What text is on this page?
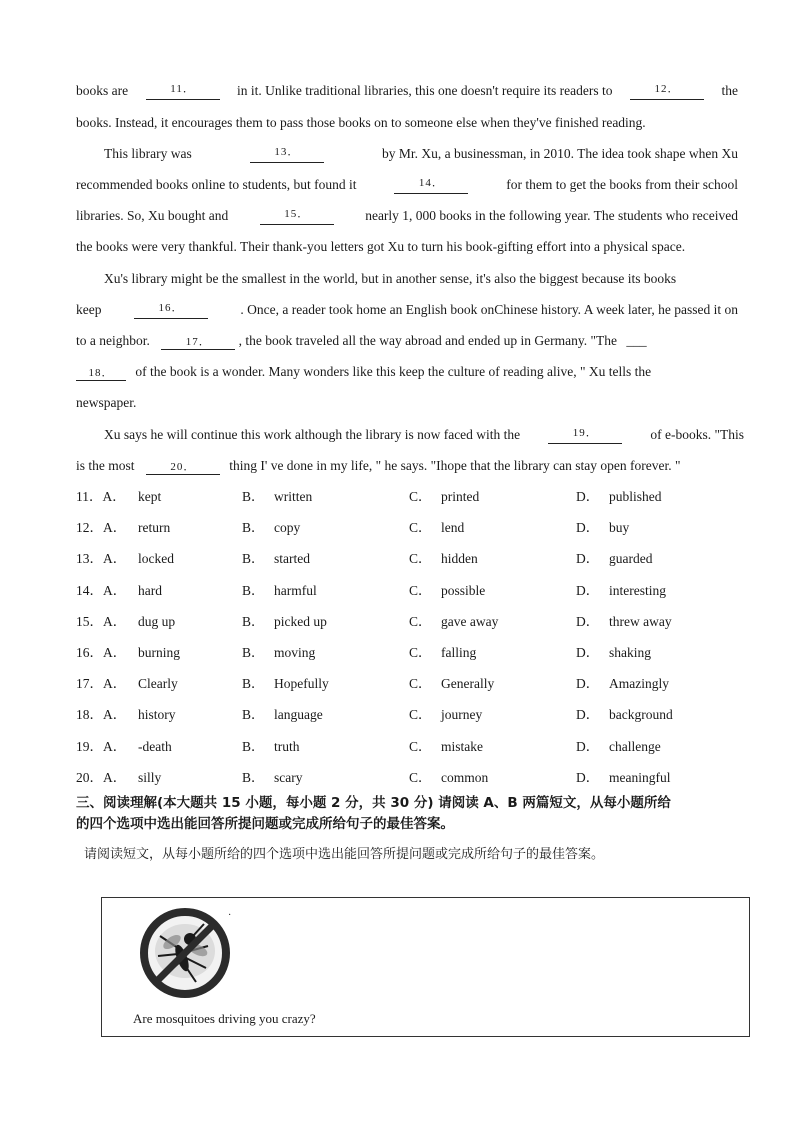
books are	11．	in it. Unlike traditional libraries, this one doesn't require its readers to	12．	the
books. Instead, it encourages them to pass those books on to someone else when they've finished reading.
This library was	13．	by Mr. Xu, a businessman, in 2010. The idea took shape when Xu
recommended books online to students, but found it	14．	for them to get the books from their school
libraries. So, Xu bought and	15．	nearly 1, 000 books in the following year. The students who received
the books were very thankful. Their thank-you letters got Xu to turn his book-gifting effort into a physical space.
Xu's library might be the smallest in the world, but in another sense, it's also the biggest because its books
keep	16．	. Once, a reader took home an English book onChinese history. A week later, he passed it on
to a neighbor.	17． , the book traveled all the way abroad and ended up in Germany. "The ___
18． of the book is a wonder. Many wonders like this keep the culture of reading alive, " Xu tells the
newspaper.
Xu says he will continue this work although the library is now faced with the	19．	of e-books. "This
is the most	20．	thing I' ve done in my life, " he says. "Ihope that the library can stay open forever. "
11．A． kept	B． written	C． printed	D． published
12．A． return	B． copy	C． lend	D． buy
13．A． locked	B． started	C． hidden	D． guarded
14．A． hard	B． harmful	C． possible	D． interesting
15．A． dug up	B． picked up	C． gave away	D． threw away
16．A． burning	B． moving	C． falling	D． shaking
17．A． Clearly	B． Hopefully	C． Generally	D． Amazingly
18．A． history	B． language	C． journey	D． background
19．A． -death	B． truth	C． mistake	D． challenge
20．A． silly	B． scary	C． common	D． meaningful
三、阅读理解(本大题共 15 小题，每小题 2 分，共 30 分) 请阅读 A、B 两篇短文，从每小题所给
的四个选项中选出能回答所提问题或完成所给句子的最佳答案。
请阅读短文，从每小题所给的四个选项中选出能回答所提问题或完成所给句子的最佳答案。
·
Are mosquitoes driving you crazy?
